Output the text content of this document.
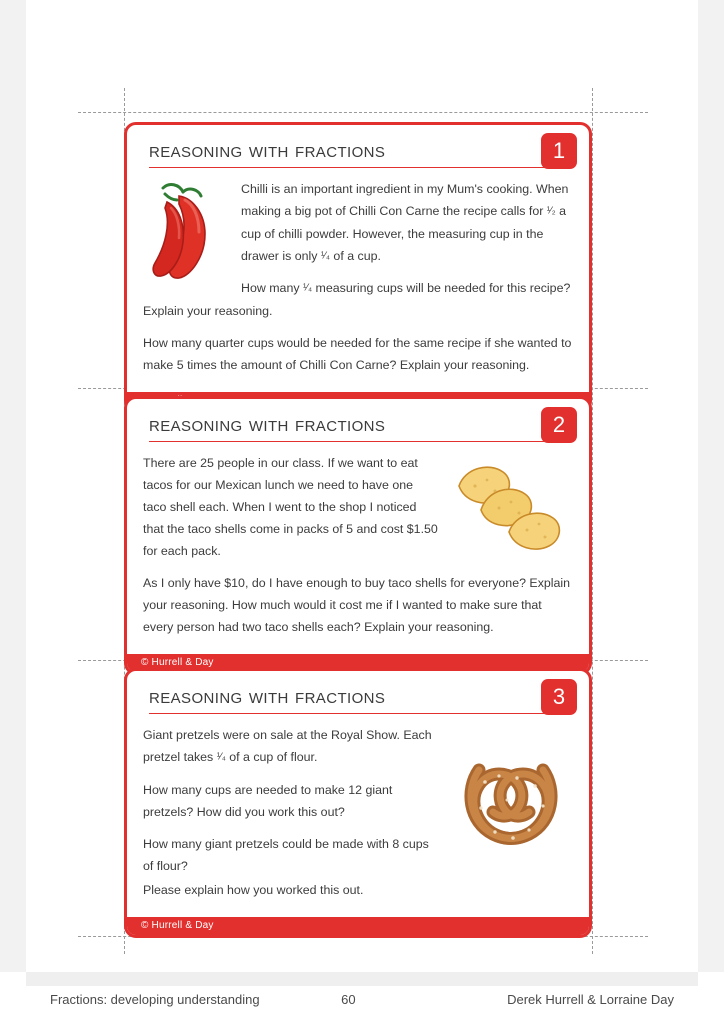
1
reasoning with fractions

Chilli is an important ingredient in my Mum's cooking. When making a big pot of Chilli Con Carne the recipe calls for ¹⁄₂ a cup of chilli powder. However, the measuring cup in the drawer is only ¹⁄₄ of a cup.

How many ¹⁄₄ measuring cups will be needed for this recipe? Explain your reasoning.

How many quarter cups would be needed for the same recipe if she wanted to make 5 times the amount of Chilli Con Carne? Explain your reasoning.

2
reasoning with fractions

There are 25 people in our class. If we want to eat tacos for our Mexican lunch we need to have one taco shell each. When I went to the shop I noticed that the taco shells come in packs of 5 and cost $1.50 for each pack.

As I only have $10, do I have enough to buy taco shells for everyone? Explain your reasoning. How much would it cost me if I wanted to make sure that every person had two taco shells each? Explain your reasoning.

© Hurrell & Day
3
reasoning with fractions

Giant pretzels were on sale at the Royal Show. Each pretzel takes ¹⁄₄ of a cup of flour.

How many cups are needed to make 12 giant pretzels? How did you work this out?

How many giant pretzels could be made with 8 cups of flour?

Please explain how you worked this out.

© Hurrell & Day
Fractions: developing understanding	60	Derek Hurrell & Lorraine Day
